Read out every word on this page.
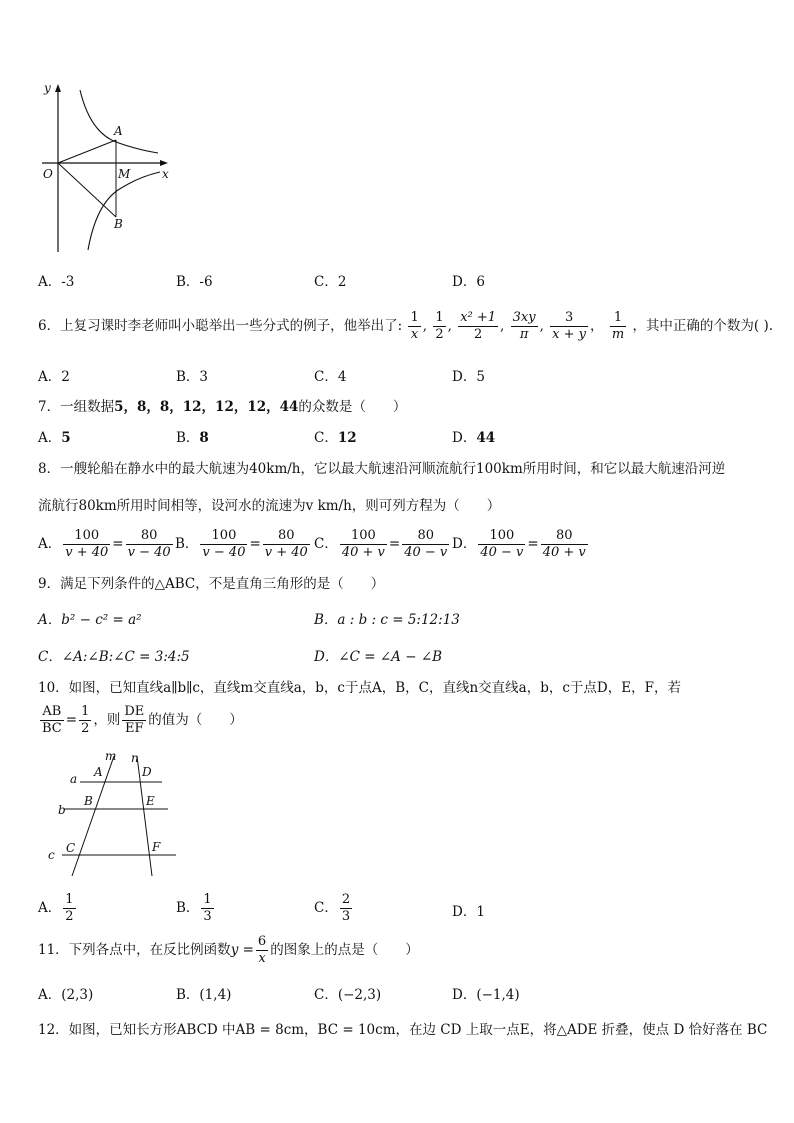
y
x
O
A
M
B
A．-3	B．-6	C．2	D．6
6．上复习课时李老师叫小聪举出一些分式的例子，他举出了: $\frac{1}{x}$ , $\frac{1}{2}$ , $\frac{\text{x² +1}}{2}$ , $\frac{3xy}{\pi}$ , $\frac{3}{x + y}$ ， $\frac{1}{m}$ ，其中正确的个数为( ).
A．2	B．3	C．4	D．5
7．一组数据5，8，8，12，12，12，44的众数是（　　）
A．5	B．8	C．12	D．44
8．一艘轮船在静水中的最大航速为40km/h，它以最大航速沿河顺流航行100km所用时间，和它以最大航速沿河逆
流航行80km所用时间相等，设河水的流速为v km/h，则可列方程为（　　）
A． $\frac{100}{v + 40} = \frac{80}{v - 40}$ B． $\frac{100}{v - 40} = \frac{80}{v + 40}$ C． $\frac{100}{40 + v} = \frac{80}{40 - v}$ D． $\frac{100}{40 - v} = \frac{80}{40 + v}$
9．满足下列条件的△ABC，不是直角三角形的是（　　）
A．b² − c² = a²	B．a : b : c = 5:12:13
C．∠A:∠B:∠C = 3:4:5	D．∠C = ∠A − ∠B
10．如图，已知直线a∥b∥c，直线m交直线a，b，c于点A，B，C，直线n交直线a，b，c于点D，E，F，若
$\frac{AB}{BC} = \frac{1}{2}$ ，则 $\frac{DE}{EF}$ 的值为（　　）
m n
a
b
c
A
B
C
D
E
F
A． $\frac{1}{2}$	B． $\frac{1}{3}$	C． $\frac{2}{3}$	D．1
11．下列各点中，在反比例函数$y = \frac{6}{x}$ 的图象上的点是（　　）
A．(2,3)	B．(1,4)	C．(−2,3)	D．(−1,4)
12．如图，已知长方形ABCD 中AB = 8cm，BC = 10cm，在边 CD 上取一点E，将△ADE 折叠，使点 D 恰好落在 BC
